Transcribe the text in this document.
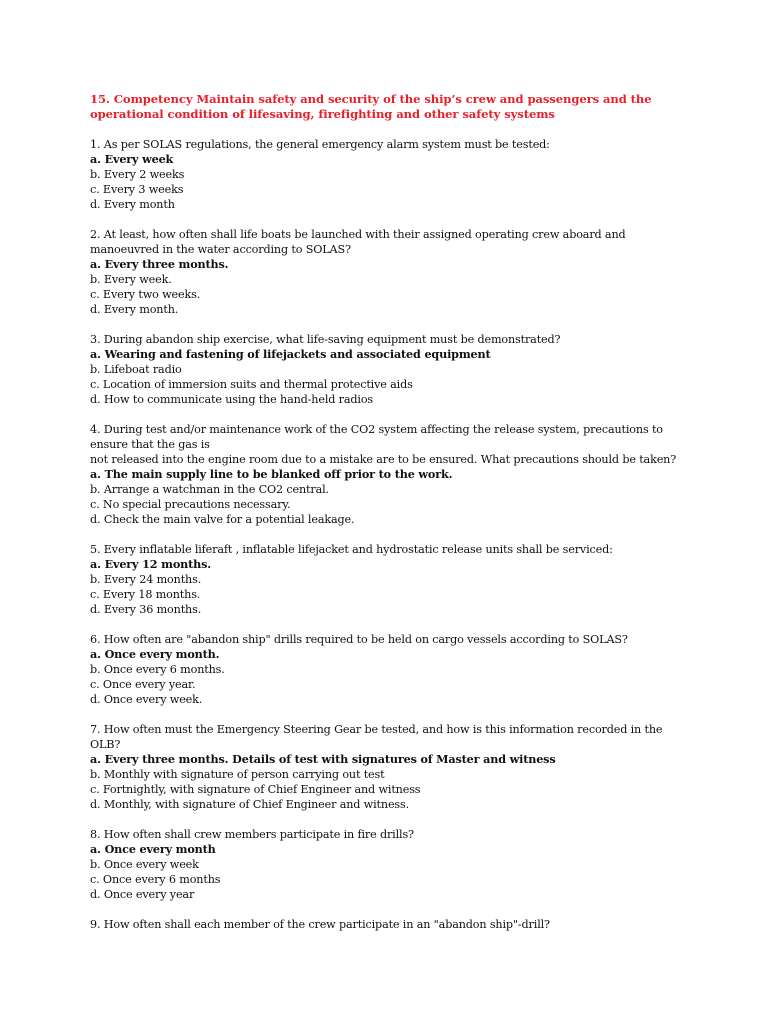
15. Competency Maintain safety and security of the ship’s crew and passengers and the operational condition of lifesaving, firefighting and other safety systems

1. As per SOLAS regulations, the general emergency alarm system must be tested:

a. Every week

b. Every 2 weeks

c. Every 3 weeks

d. Every month

2. At least, how often shall life boats be launched with their assigned operating crew aboard and manoeuvred in the water according to SOLAS?

a. Every three months.

b. Every week.

c. Every two weeks.

d. Every month.

3. During abandon ship exercise, what life-saving equipment must be demonstrated?

a. Wearing and fastening of lifejackets and associated equipment

b. Lifeboat radio

c. Location of immersion suits and thermal protective aids

d. How to communicate using the hand-held radios

4. During test and/or maintenance work of the CO2 system affecting the release system, precautions to ensure that the gas is

not released into the engine room due to a mistake are to be ensured. What precautions should be taken?

a. The main supply line to be blanked off prior to the work.

b. Arrange a watchman in the CO2 central.

c. No special precautions necessary.

d. Check the main valve for a potential leakage.

5. Every inflatable liferaft , inflatable lifejacket and hydrostatic release units shall be serviced:

a. Every 12 months.

b. Every 24 months.

c. Every 18 months.

d. Every 36 months.

6. How often are "abandon ship" drills required to be held on cargo vessels according to SOLAS?

a. Once every month.

b. Once every 6 months.

c. Once every year.

d. Once every week.

7. How often must the Emergency Steering Gear be tested, and how is this information recorded in the OLB?

a. Every three months. Details of test with signatures of Master and witness

b. Monthly with signature of person carrying out test

c. Fortnightly, with signature of Chief Engineer and witness

d. Monthly, with signature of Chief Engineer and witness.

8. How often shall crew members participate in fire drills?

a. Once every month

b. Once every week

c. Once every 6 months

d. Once every year

9. How often shall each member of the crew participate in an "abandon ship"-drill?
